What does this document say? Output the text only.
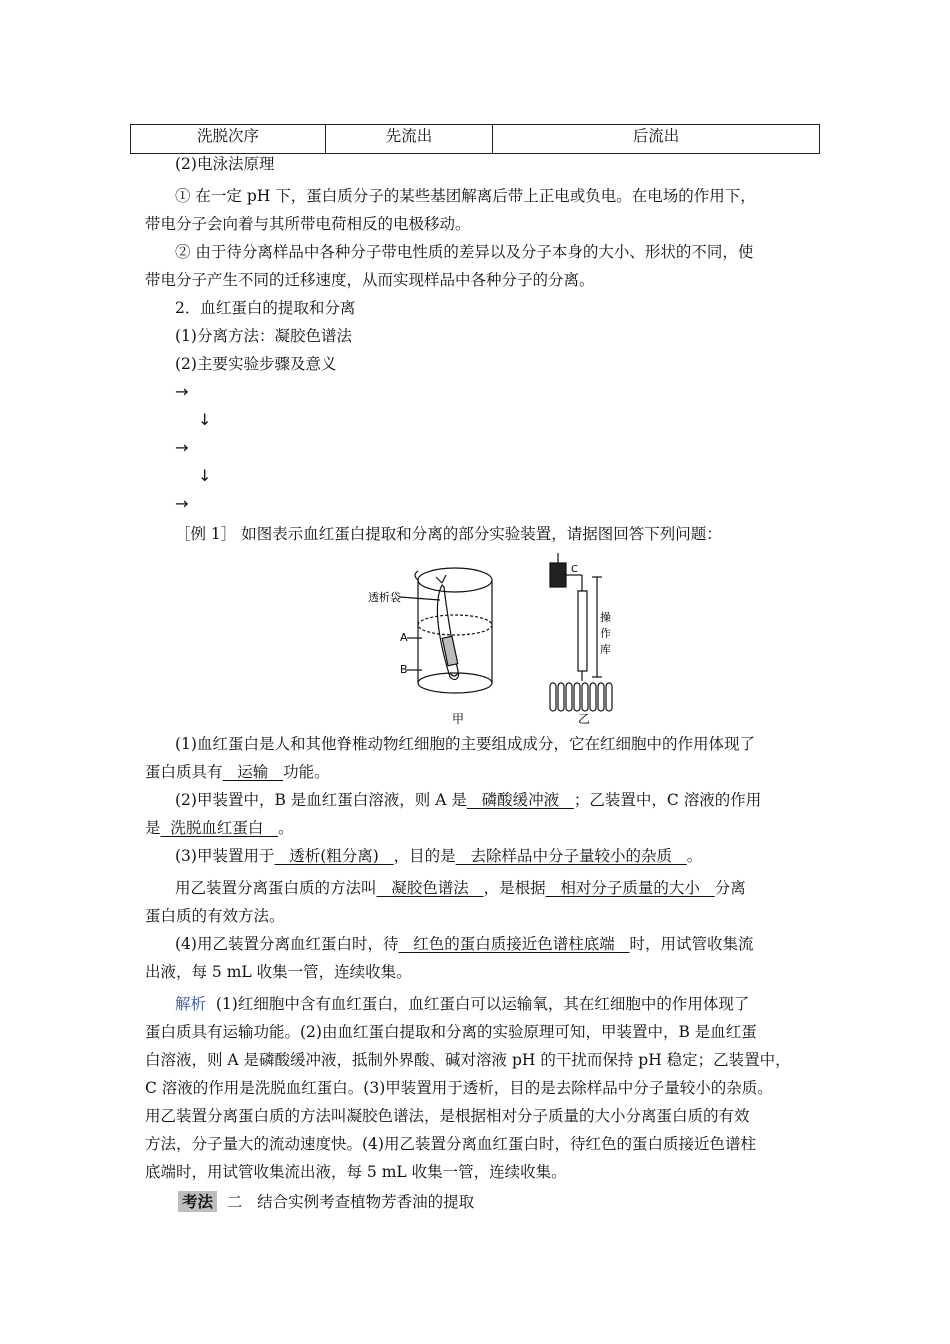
洗脱次序	先流出	后流出
(2)电泳法原理
① 在一定 pH 下，蛋白质分子的某些基团解离后带上正电或负电。在电场的作用下，
带电分子会向着与其所带电荷相反的电极移动。
② 由于待分离样品中各种分子带电性质的差异以及分子本身的大小、形状的不同，使
带电分子产生不同的迁移速度，从而实现样品中各种分子的分离。
2．血红蛋白的提取和分离
(1)分离方法：凝胶色谱法
(2)主要实验步骤及意义
→
↓
→
↓
→
［例 1］ 如图表示血红蛋白提取和分离的部分实验装置，请据图回答下列问题：
透析袋
A
B
甲
C
操
作
库
乙
(1)血红蛋白是人和其他脊椎动物红细胞的主要组成成分，它在红细胞中的作用体现了
蛋白质具有 运输 功能。
(2)甲装置中，B 是血红蛋白溶液，则 A 是 磷酸缓冲液 ；乙装置中，C 溶液的作用
是 洗脱血红蛋白 。
(3)甲装置用于 透析(粗分离) ，目的是 去除样品中分子量较小的杂质 。
用乙装置分离蛋白质的方法叫 凝胶色谱法 ，是根据 相对分子质量的大小 分离
蛋白质的有效方法。
(4)用乙装置分离血红蛋白时，待 红色的蛋白质接近色谱柱底端 时，用试管收集流
出液，每 5 mL 收集一管，连续收集。
解析 (1)红细胞中含有血红蛋白，血红蛋白可以运输氧，其在红细胞中的作用体现了
蛋白质具有运输功能。(2)由血红蛋白提取和分离的实验原理可知，甲装置中，B 是血红蛋
白溶液，则 A 是磷酸缓冲液，抵制外界酸、碱对溶液 pH 的干扰而保持 pH 稳定；乙装置中，
C 溶液的作用是洗脱血红蛋白。(3)甲装置用于透析，目的是去除样品中分子量较小的杂质。
用乙装置分离蛋白质的方法叫凝胶色谱法，是根据相对分子质量的大小分离蛋白质的有效
方法，分子量大的流动速度快。(4)用乙装置分离血红蛋白时，待红色的蛋白质接近色谱柱
底端时，用试管收集流出液，每 5 mL 收集一管，连续收集。
考法 二 结合实例考查植物芳香油的提取
